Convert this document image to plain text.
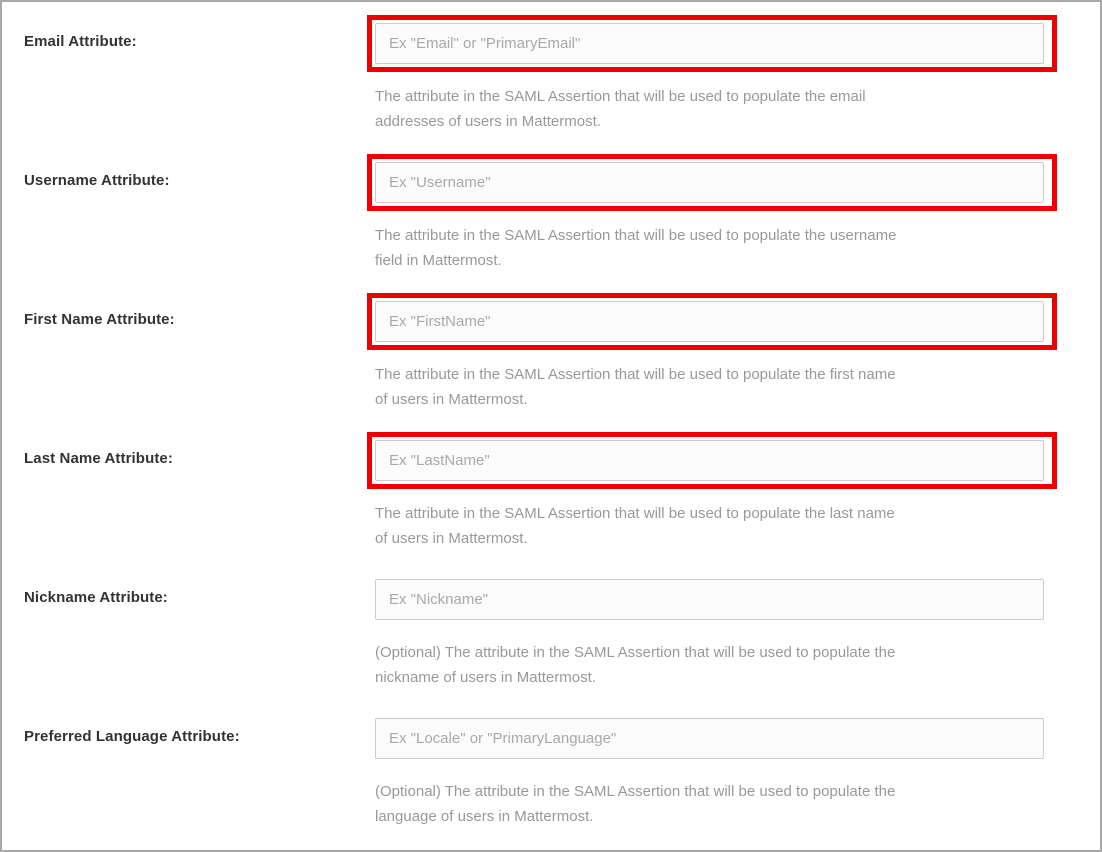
Email Attribute:
Ex "Email" or "PrimaryEmail"
The attribute in the SAML Assertion that will be used to populate the email
addresses of users in Mattermost.
Username Attribute:
Ex "Username"
The attribute in the SAML Assertion that will be used to populate the username
field in Mattermost.
First Name Attribute:
Ex "FirstName"
The attribute in the SAML Assertion that will be used to populate the first name
of users in Mattermost.
Last Name Attribute:
Ex "LastName"
The attribute in the SAML Assertion that will be used to populate the last name
of users in Mattermost.
Nickname Attribute:
Ex "Nickname"
(Optional) The attribute in the SAML Assertion that will be used to populate the
nickname of users in Mattermost.
Preferred Language Attribute:
Ex "Locale" or "PrimaryLanguage"
(Optional) The attribute in the SAML Assertion that will be used to populate the
language of users in Mattermost.
